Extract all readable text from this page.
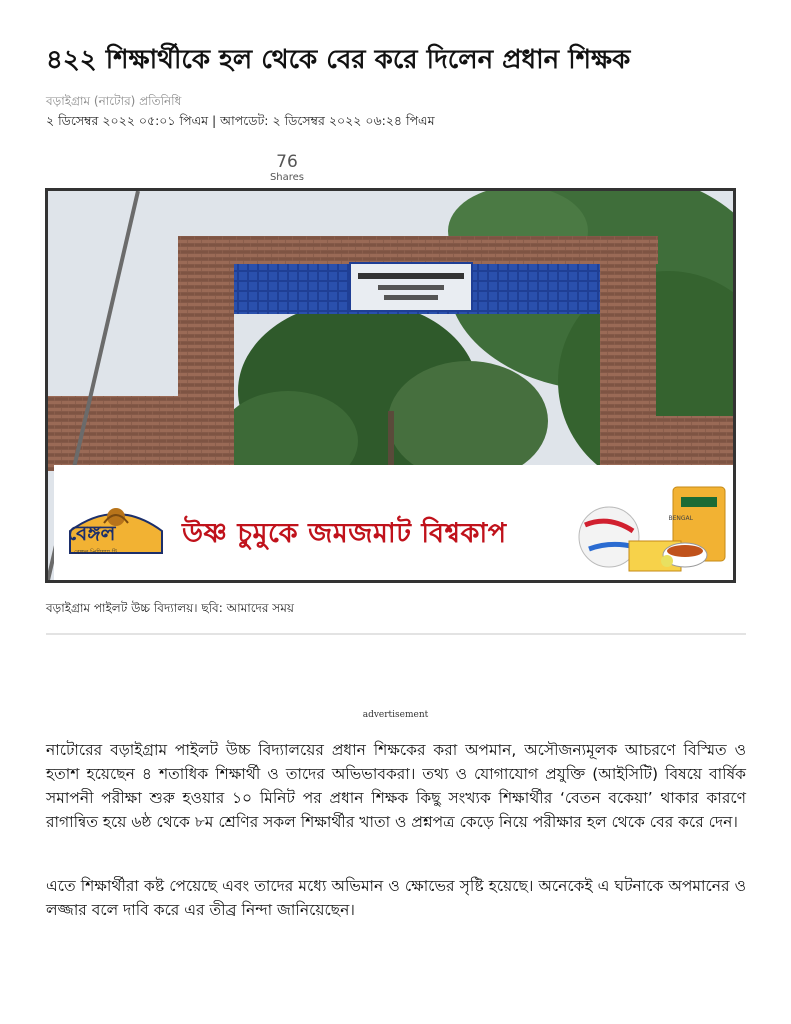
৪২২ শিক্ষার্থীকে হল থেকে বের করে দিলেন প্রধান শিক্ষক
বড়াইগ্রাম (নাটোর) প্রতিনিধি
২ ডিসেম্বর ২০২২ ০৫:০১ পিএম | আপডেট: ২ ডিসেম্বর ২০২২ ০৬:২৪ পিএম
76
Shares
বেঙ্গল
বেঙ্গল প্রিমিয়াম টি
উষ্ণ চুমুকে জমজমাট বিশ্বকাপ	BENGAL
বড়াইগ্রাম পাইলট উচ্চ বিদ্যালয়। ছবি: আমাদের সময়
advertisement

নাটোরের বড়াইগ্রাম পাইলট উচ্চ বিদ্যালয়ের প্রধান শিক্ষকের করা অপমান, অসৌজন্যমূলক আচরণে বিস্মিত ও হতাশ হয়েছেন ৪ শতাধিক শিক্ষার্থী ও তাদের অভিভাবকরা। তথ্য ও যোগাযোগ প্রযুক্তি (আইসিটি) বিষয়ে বার্ষিক সমাপনী পরীক্ষা শুরু হওয়ার ১০ মিনিট পর প্রধান শিক্ষক কিছু সংখ্যক শিক্ষার্থীর ‘বেতন বকেয়া’ থাকার কারণে রাগান্বিত হয়ে ৬ষ্ঠ থেকে ৮ম শ্রেণির সকল শিক্ষার্থীর খাতা ও প্রশ্নপত্র কেড়ে নিয়ে পরীক্ষার হল থেকে বের করে দেন।

এতে শিক্ষার্থীরা কষ্ট পেয়েছে এবং তাদের মধ্যে অভিমান ও ক্ষোভের সৃষ্টি হয়েছে। অনেকেই এ ঘটনাকে অপমানের ও লজ্জার বলে দাবি করে এর তীব্র নিন্দা জানিয়েছেন।
